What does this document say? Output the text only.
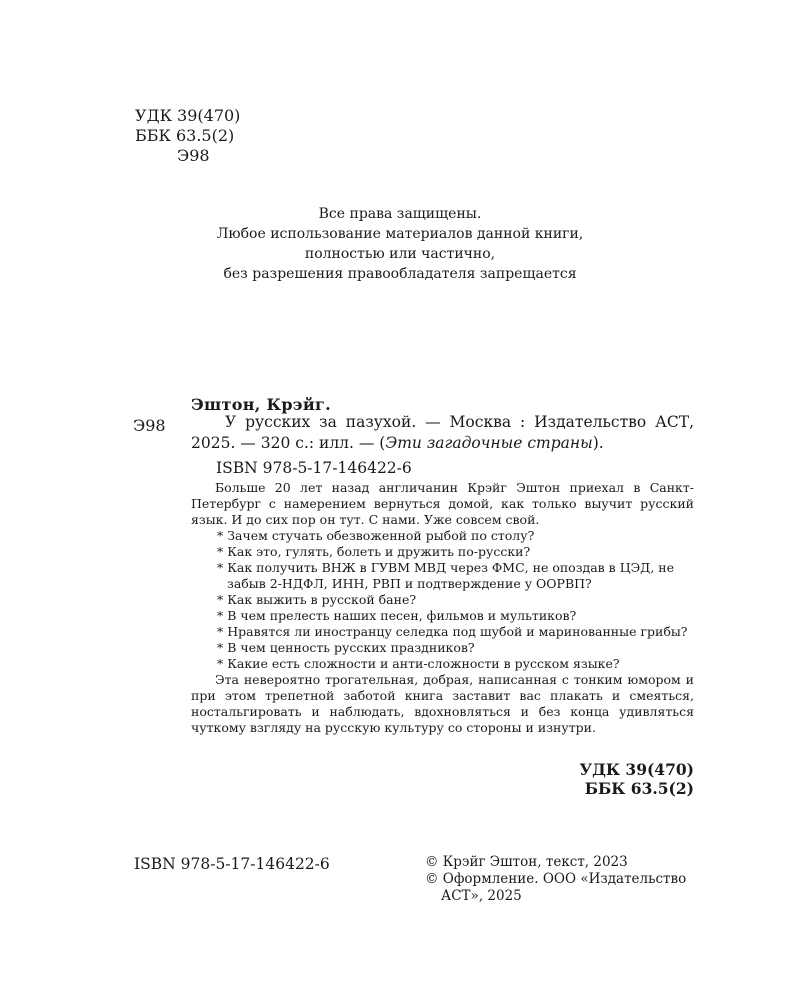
УДК 39(470)
ББК 63.5(2)
Э98
Все права защищены.
Любое использование материалов данной книги,
полностью или частично,
без разрешения правообладателя запрещается
Эштон, Крэйг.
Э98	У русских за пазухой. — Москва : Издательство АСТ, 2025. — 320 с.: илл. — (Эти загадочные страны).
ISBN 978-5-17-146422-6

Больше 20 лет назад англичанин Крэйг Эштон приехал в Санкт-Петербург с намерением вернуться домой, как только выучит русский язык. И до сих пор он тут. С нами. Уже совсем свой.

* Зачем стучать обезвоженной рыбой по столу?
* Как это, гулять, болеть и дружить по-русски?
* Как получить ВНЖ в ГУВМ МВД через ФМС, не опоздав в ЦЭД, не забыв 2-НДФЛ, ИНН, РВП и подтверждение у ООРВП?
* Как выжить в русской бане?
* В чем прелесть наших песен, фильмов и мультиков?
* Нравятся ли иностранцу селедка под шубой и маринованные грибы?
* В чем ценность русских праздников?
* Какие есть сложности и анти-сложности в русском языке?

Эта невероятно трогательная, добрая, написанная с тонким юмором и при этом трепетной заботой книга заставит вас плакать и смеяться, ностальгировать и наблюдать, вдохновляться и без конца удивляться чуткому взгляду на русскую культуру со стороны и изнутри.

УДК 39(470)
ББК 63.5(2)
ISBN 978-5-17-146422-6	© Крэйг Эштон, текст, 2023
© Оформление. ООО «Издательство
АСТ», 2025
